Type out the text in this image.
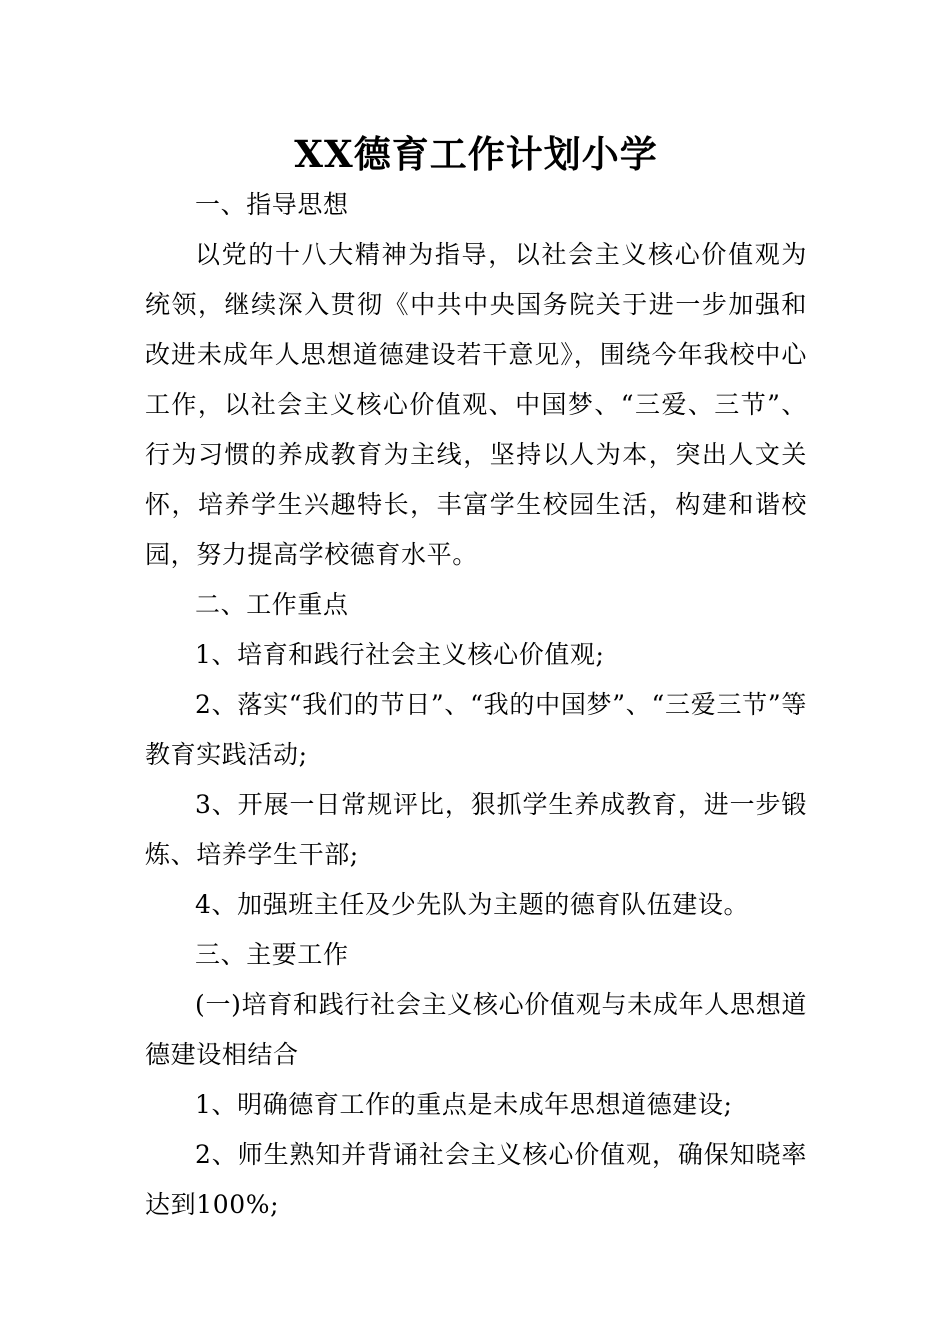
XX德育工作计划小学

一、指导思想

以党的十八大精神为指导，以社会主义核心价值观为统领，继续深入贯彻《中共中央国务院关于进一步加强和改进未成年人思想道德建设若干意见》，围绕今年我校中心工作，以社会主义核心价值观、中国梦、“三爱、三节”、行为习惯的养成教育为主线，坚持以人为本，突出人文关怀，培养学生兴趣特长，丰富学生校园生活，构建和谐校园，努力提高学校德育水平。

二、工作重点

1、培育和践行社会主义核心价值观;

2、落实“我们的节日”、“我的中国梦”、“三爱三节”等教育实践活动;

3、开展一日常规评比，狠抓学生养成教育，进一步锻炼、培养学生干部;

4、加强班主任及少先队为主题的德育队伍建设。

三、主要工作

(一)培育和践行社会主义核心价值观与未成年人思想道德建设相结合

1、明确德育工作的重点是未成年思想道德建设;

2、师生熟知并背诵社会主义核心价值观，确保知晓率达到100%;
